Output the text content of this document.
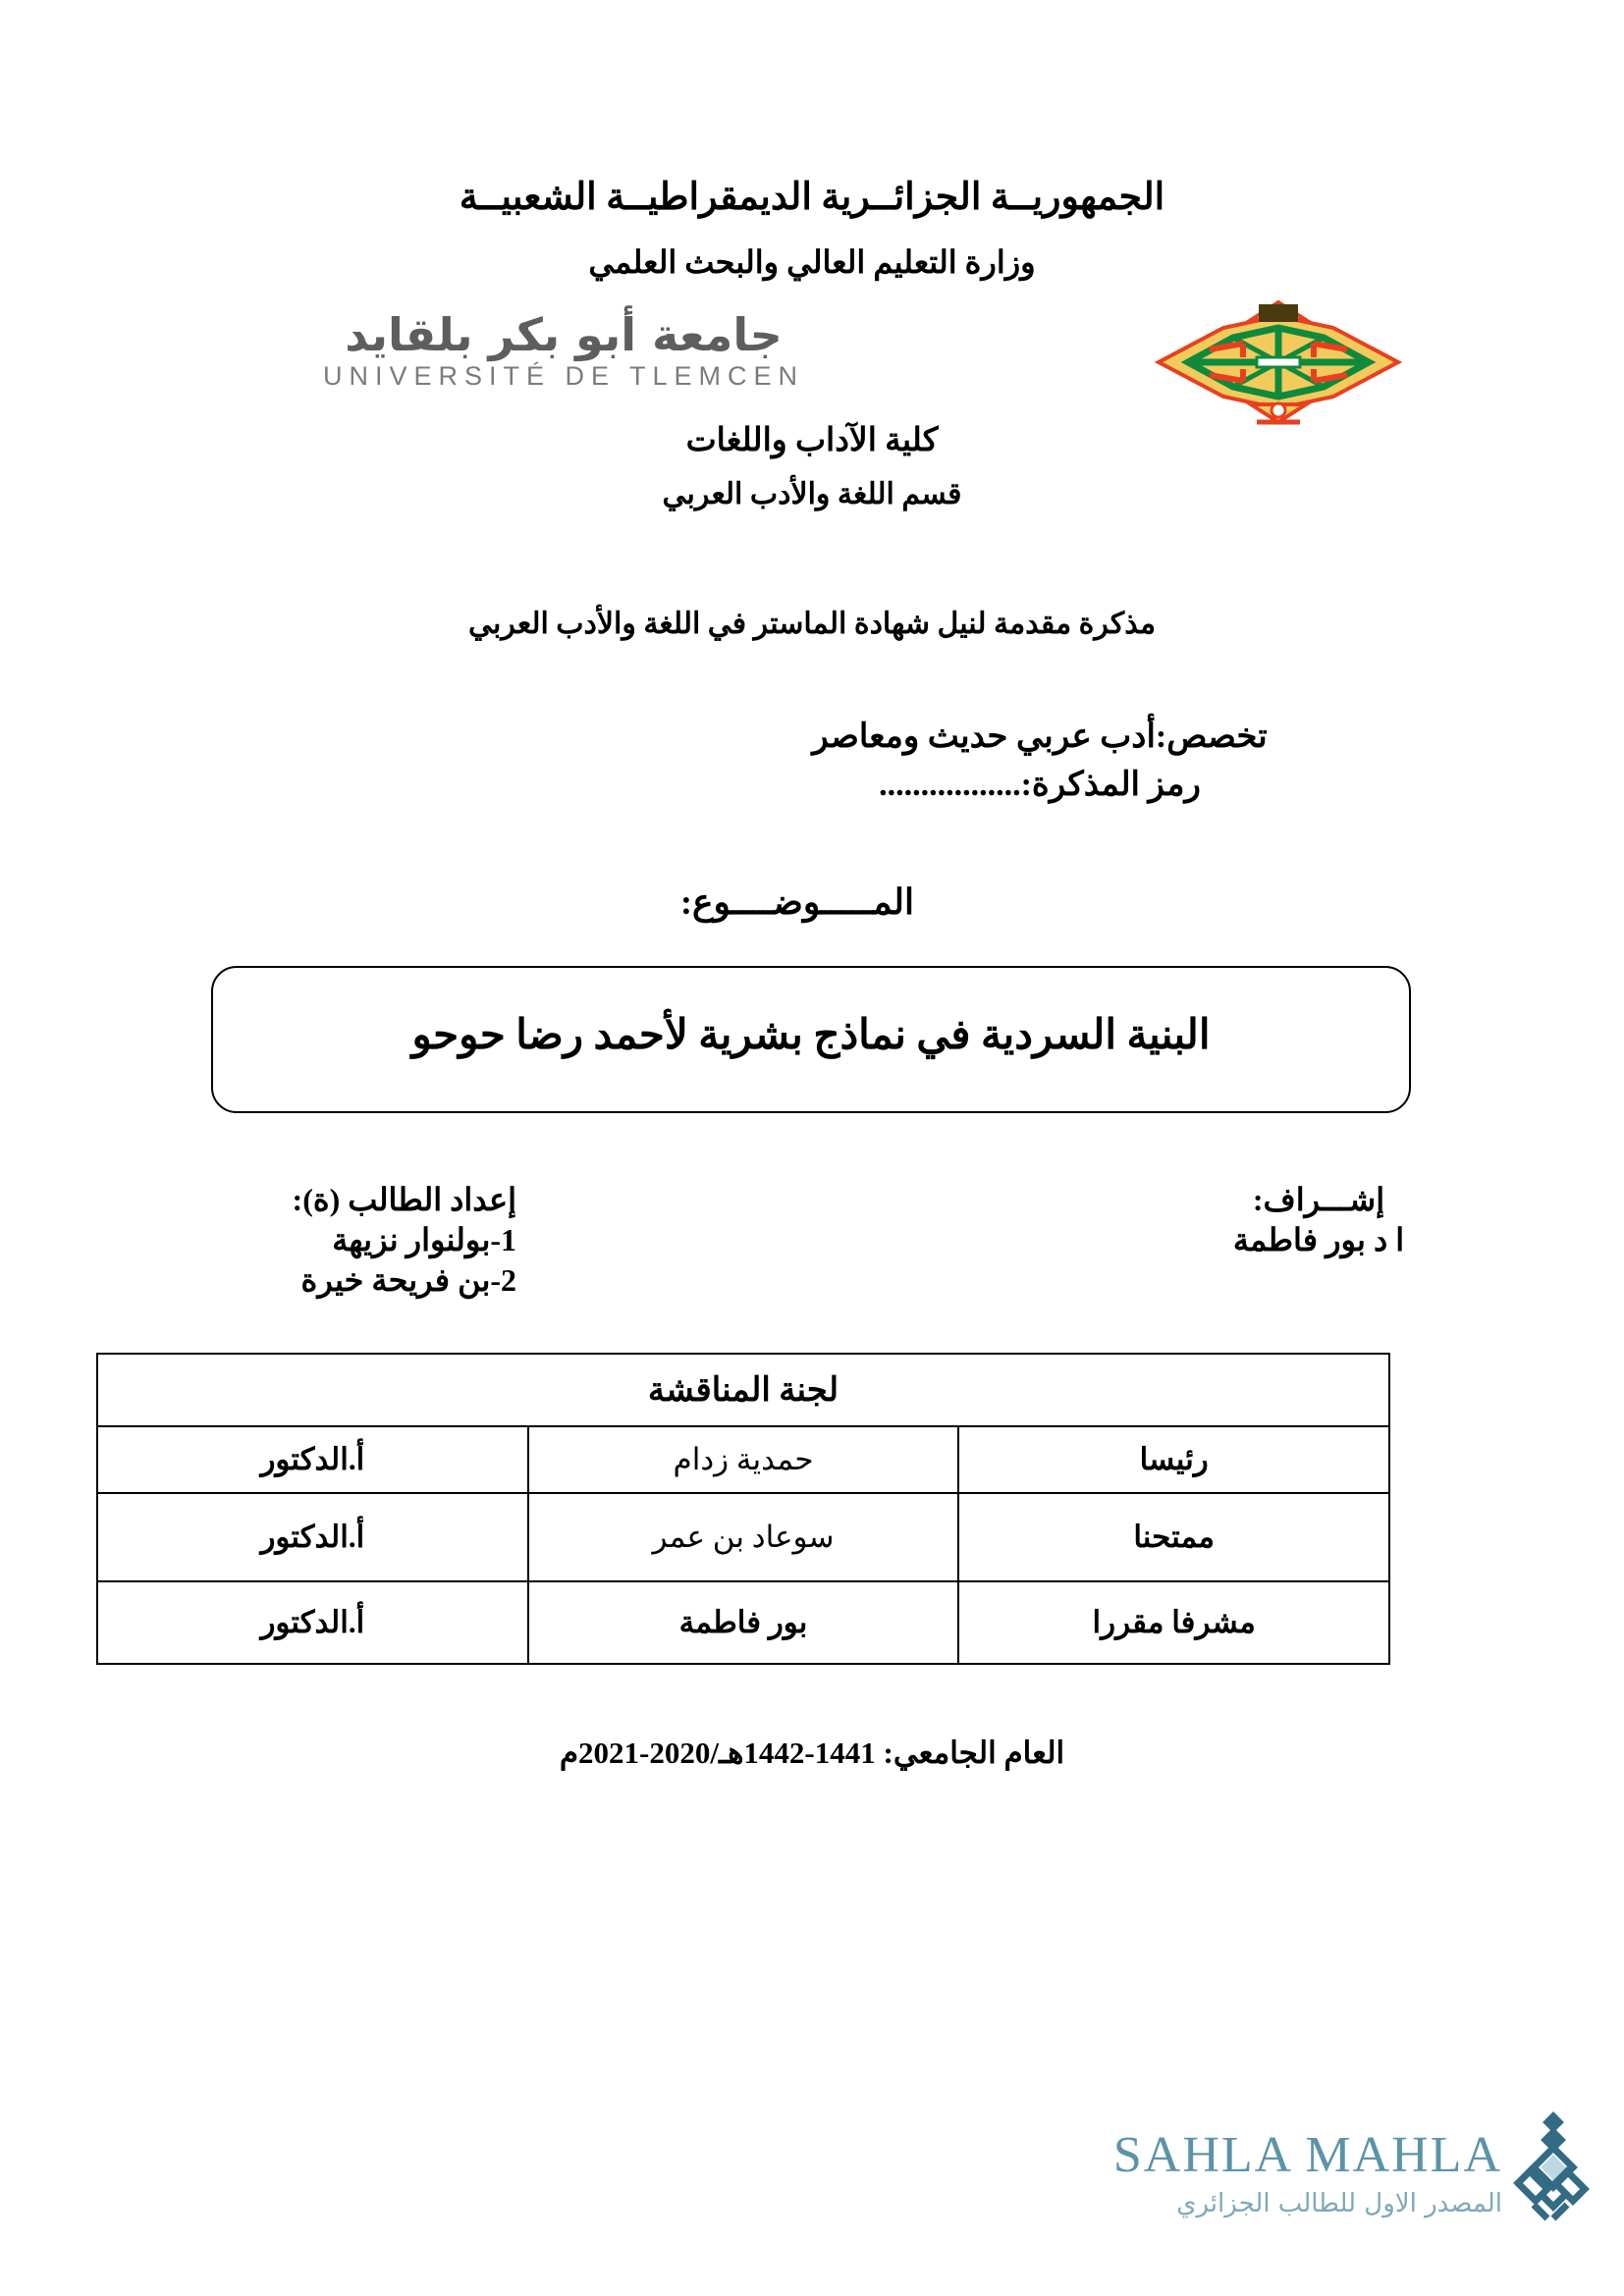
الجمهوريــة الجزائــرية الديمقراطيــة الشعبيــة
وزارة التعليم العالي والبحث العلمي
جامعة أبو بكر بلقايد
UNIVERSITÉ DE TLEMCEN
كلية الآداب واللغات
قسم اللغة والأدب العربي
مذكرة مقدمة لنيل شهادة الماستر في اللغة والأدب العربي
تخصص:أدب عربي حديث ومعاصر
رمز المذكرة:.................
المـــــوضــــوع:
البنية السردية في نماذج بشرية لأحمد رضا حوحو
إشـــراف:
ا د بور فاطمة
إعداد الطالب (ة):
1-بولنوار نزيهة
2-بن فريحة خيرة
لجنة المناقشة		
رئيسا	حمدية زدام	أ.الدكتور
ممتحنا	سوعاد بن عمر	أ.الدكتور
مشرفا مقررا	بور فاطمة	أ.الدكتور
العام الجامعي: 1441-1442هـ/2020-2021م
SAHLA MAHLA
المصدر الاول للطالب الجزائري
